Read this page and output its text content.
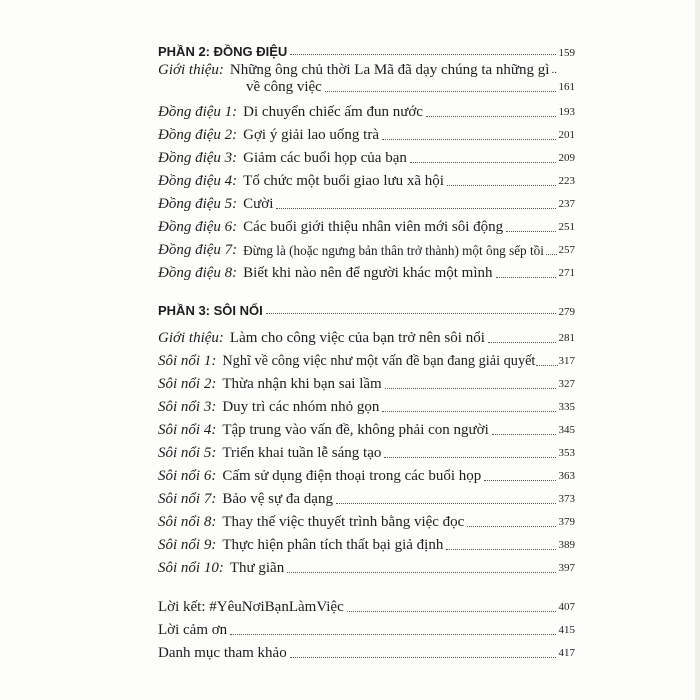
PHẦN 2: ĐỒNG ĐIỆU	159
Giới thiệu: Những ông chủ thời La Mã đã dạy chúng ta những gì ..
về công việc	161
Đồng điệu 1: Di chuyển chiếc ấm đun nước	193
Đồng điệu 2: Gợi ý giải lao uống trà	201
Đồng điệu 3: Giảm các buổi họp của bạn	209
Đồng điệu 4: Tổ chức một buổi giao lưu xã hội	223
Đồng điệu 5: Cười	237
Đồng điệu 6: Các buổi giới thiệu nhân viên mới sôi động	251
Đồng điệu 7: Đừng là (hoặc ngưng bản thân trở thành) một ông sếp tồi 257
Đồng điệu 8: Biết khi nào nên để người khác một mình	271
PHẦN 3: SÔI NỔI	279
Giới thiệu: Làm cho công việc của bạn trở nên sôi nổi	281
Sôi nổi 1: Nghĩ về công việc như một vấn đề bạn đang giải quyết 317
Sôi nổi 2: Thừa nhận khi bạn sai lầm	327
Sôi nổi 3: Duy trì các nhóm nhỏ gọn	335
Sôi nổi 4: Tập trung vào vấn đề, không phải con người	345
Sôi nổi 5: Triển khai tuần lễ sáng tạo	353
Sôi nổi 6: Cấm sử dụng điện thoại trong các buổi họp	363
Sôi nổi 7: Bảo vệ sự đa dạng	373
Sôi nổi 8: Thay thế việc thuyết trình bằng việc đọc	379
Sôi nổi 9: Thực hiện phân tích thất bại giả định	389
Sôi nổi 10: Thư giãn	397
Lời kết: #YêuNơiBạnLàmViệc	407
Lời cảm ơn	415
Danh mục tham khảo	417
